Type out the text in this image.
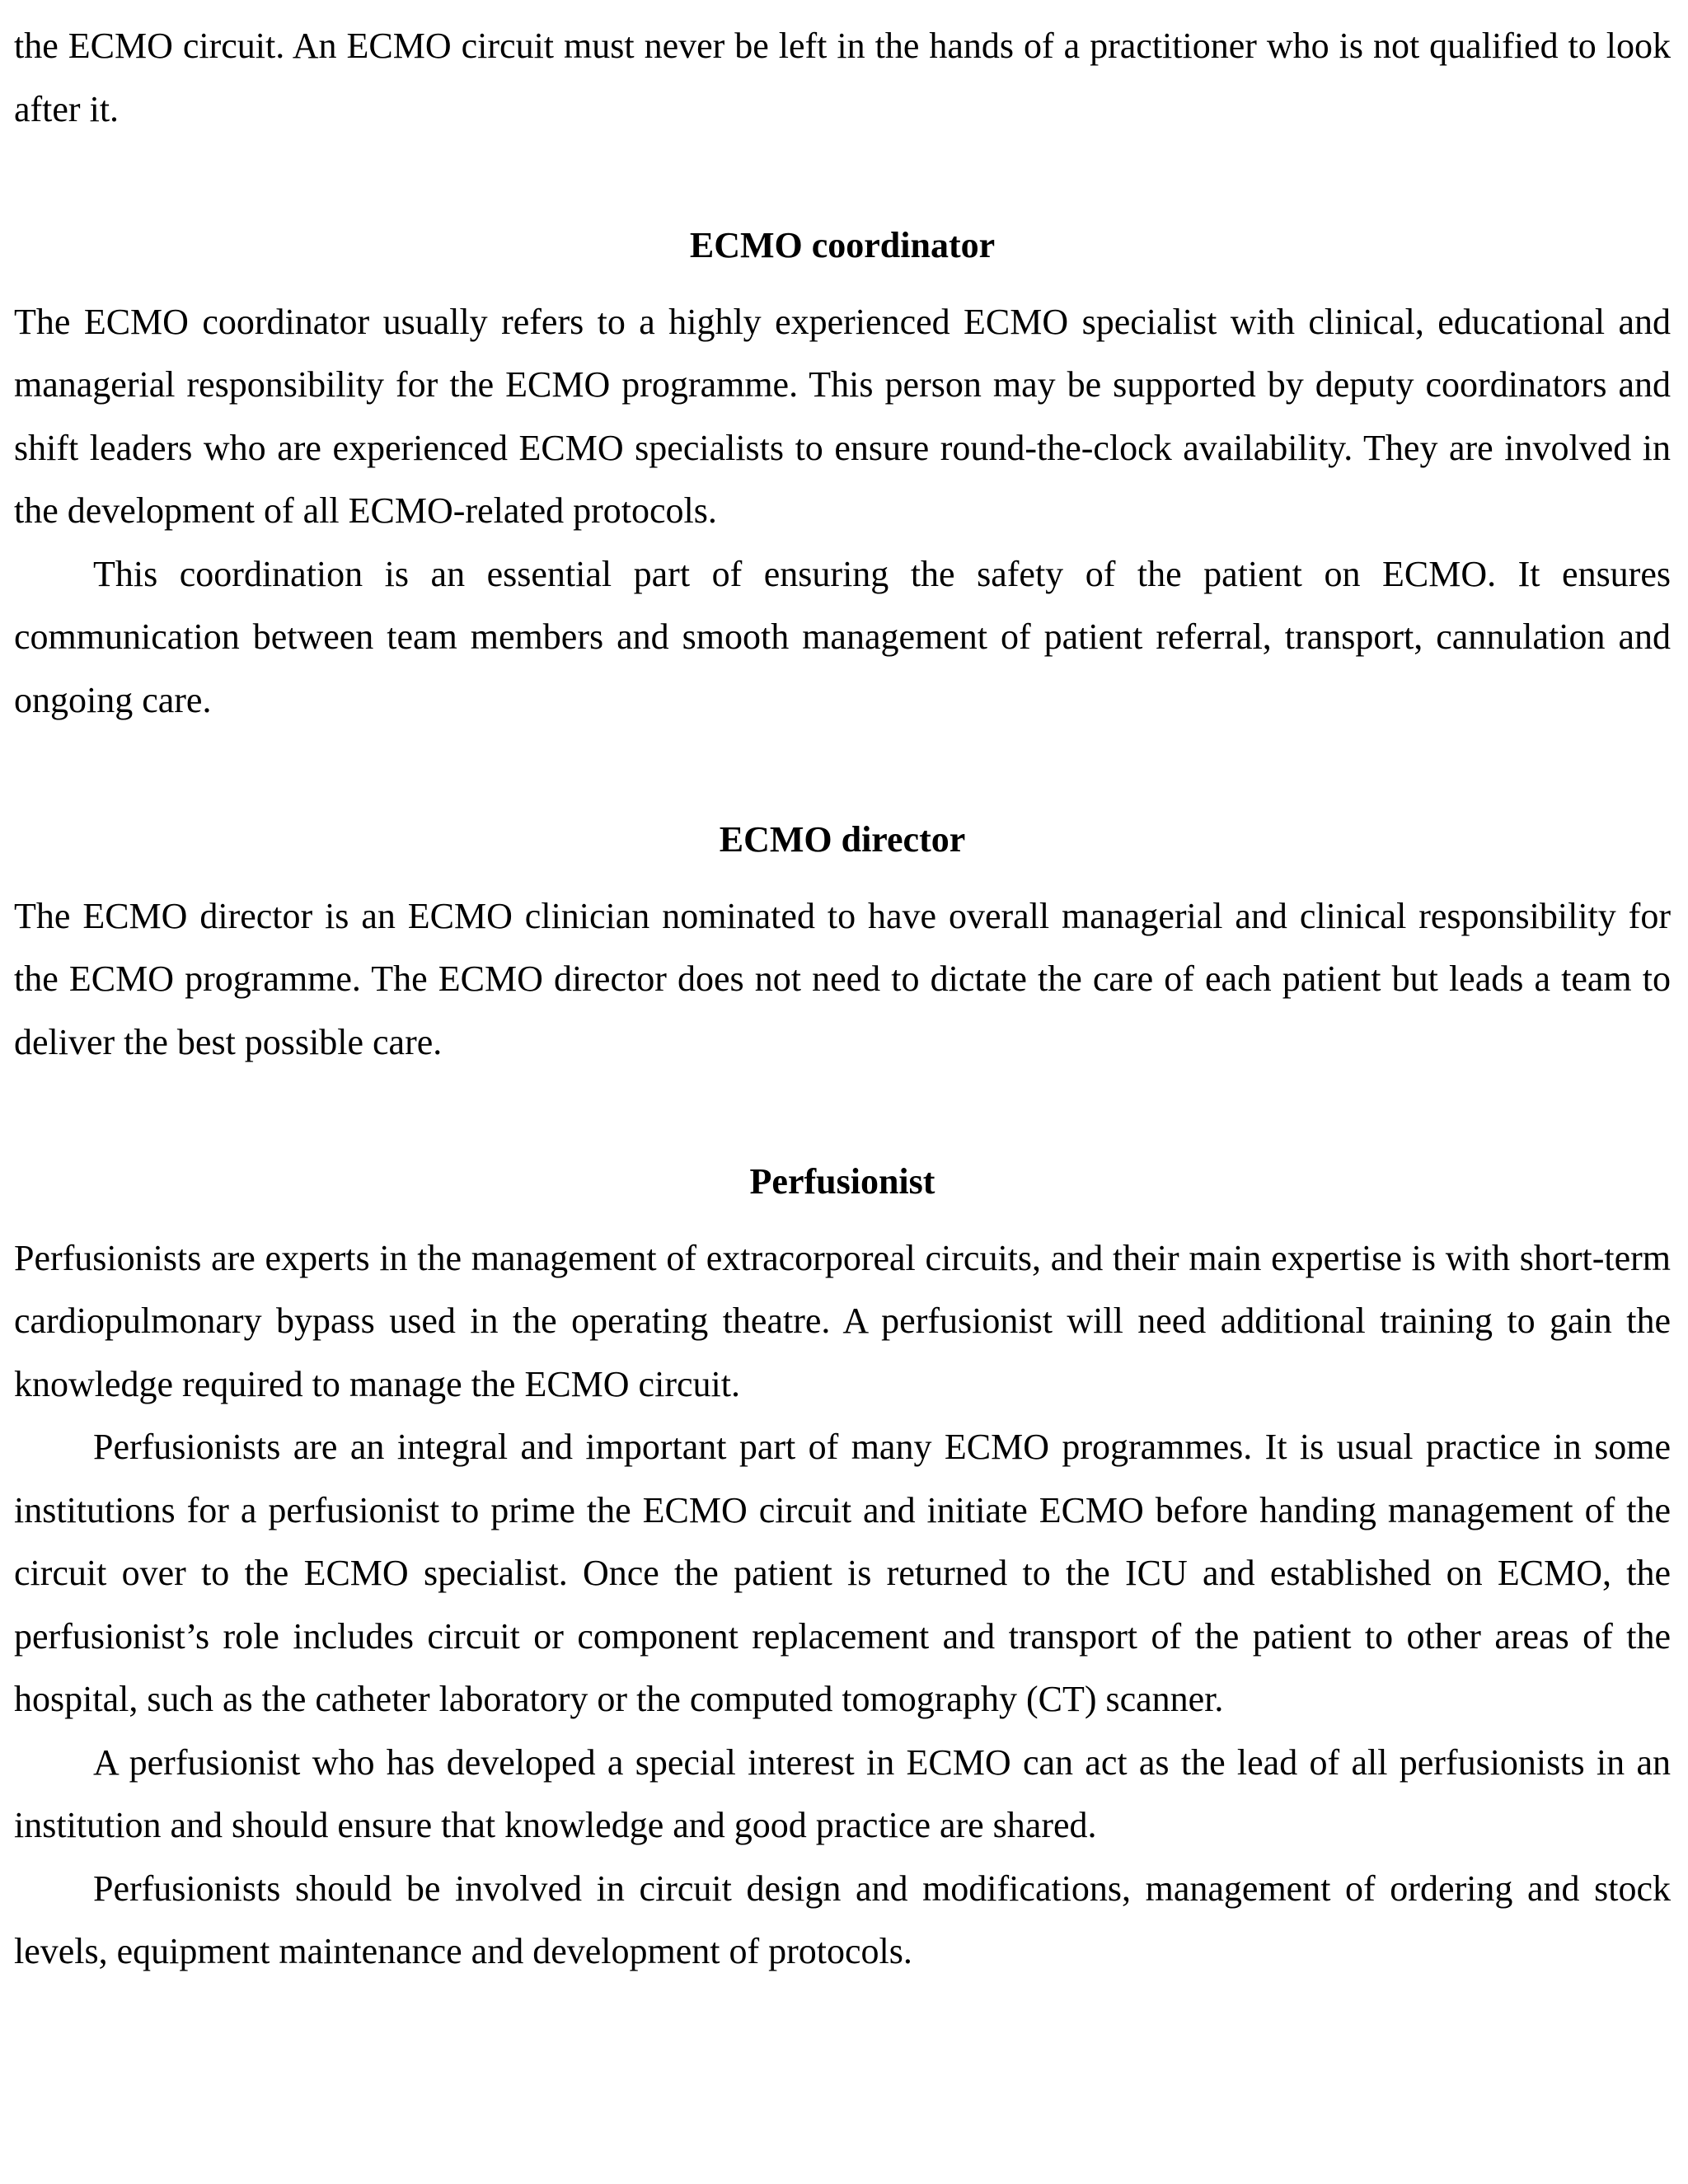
the ECMO circuit. An ECMO circuit must never be left in the hands of a practitioner who is not qualified to look after it.

ECMO coordinator

The ECMO coordinator usually refers to a highly experienced ECMO specialist with clinical, educational and managerial responsibility for the ECMO programme. This person may be supported by deputy coordinators and shift leaders who are experienced ECMO specialists to ensure round-the-clock availability. They are involved in the development of all ECMO-related protocols.

This coordination is an essential part of ensuring the safety of the patient on ECMO. It ensures communication between team members and smooth management of patient referral, transport, cannulation and ongoing care.

ECMO director

The ECMO director is an ECMO clinician nominated to have overall managerial and clinical responsibility for the ECMO programme. The ECMO director does not need to dictate the care of each patient but leads a team to deliver the best possible care.

Perfusionist

Perfusionists are experts in the management of extracorporeal circuits, and their main expertise is with short-term cardiopulmonary bypass used in the operating theatre. A perfusionist will need additional training to gain the knowledge required to manage the ECMO circuit.

Perfusionists are an integral and important part of many ECMO programmes. It is usual practice in some institutions for a perfusionist to prime the ECMO circuit and initiate ECMO before handing management of the circuit over to the ECMO specialist. Once the patient is returned to the ICU and established on ECMO, the perfusionist’s role includes circuit or component replacement and transport of the patient to other areas of the hospital, such as the catheter laboratory or the computed tomography (CT) scanner.

A perfusionist who has developed a special interest in ECMO can act as the lead of all perfusionists in an institution and should ensure that knowledge and good practice are shared.

Perfusionists should be involved in circuit design and modifications, management of ordering and stock levels, equipment maintenance and development of protocols.
